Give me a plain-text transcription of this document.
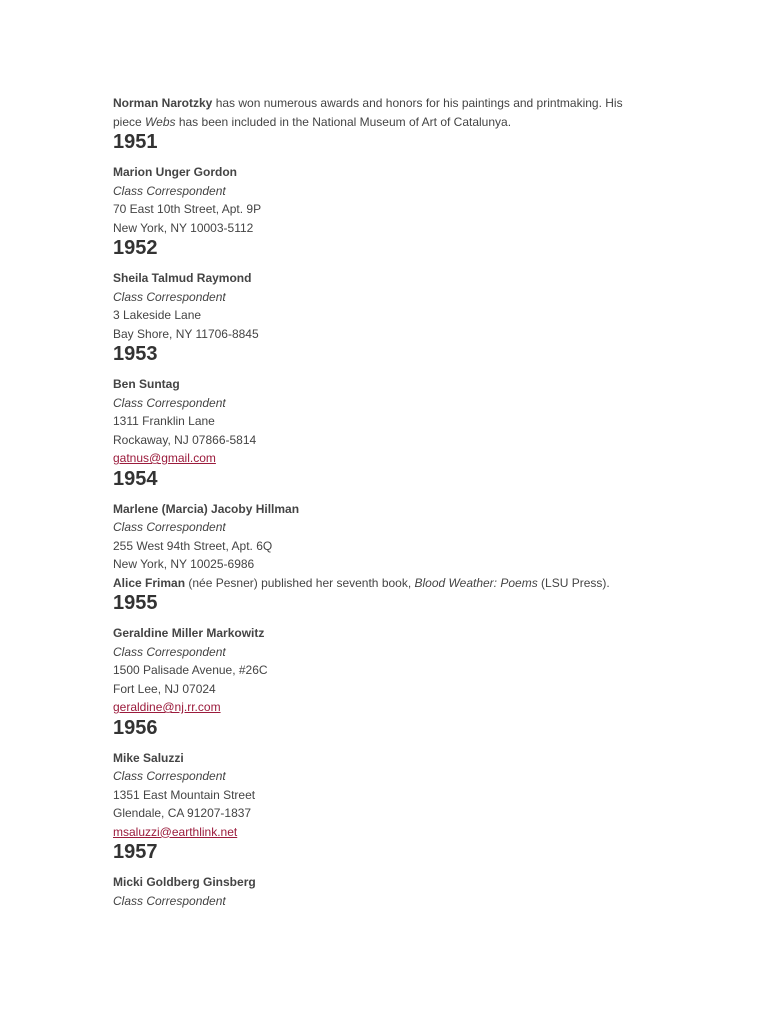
Norman Narotzky has won numerous awards and honors for his paintings and printmaking. His piece Webs has been included in the National Museum of Art of Catalunya.

1951

Marion Unger Gordon

Class Correspondent

70 East 10th Street, Apt. 9P

New York, NY 10003-5112

1952

Sheila Talmud Raymond

Class Correspondent

3 Lakeside Lane

Bay Shore, NY 11706-8845

1953

Ben Suntag

Class Correspondent

1311 Franklin Lane

Rockaway, NJ 07866-5814

gatnus@gmail.com
1954

Marlene (Marcia) Jacoby Hillman

Class Correspondent

255 West 94th Street, Apt. 6Q

New York, NY 10025-6986

Alice Friman (née Pesner) published her seventh book, Blood Weather: Poems (LSU Press).

1955

Geraldine Miller Markowitz

Class Correspondent

1500 Palisade Avenue, #26C

Fort Lee, NJ 07024

geraldine@nj.rr.com
1956

Mike Saluzzi

Class Correspondent

1351 East Mountain Street

Glendale, CA 91207-1837

msaluzzi@earthlink.net
1957

Micki Goldberg Ginsberg

Class Correspondent
